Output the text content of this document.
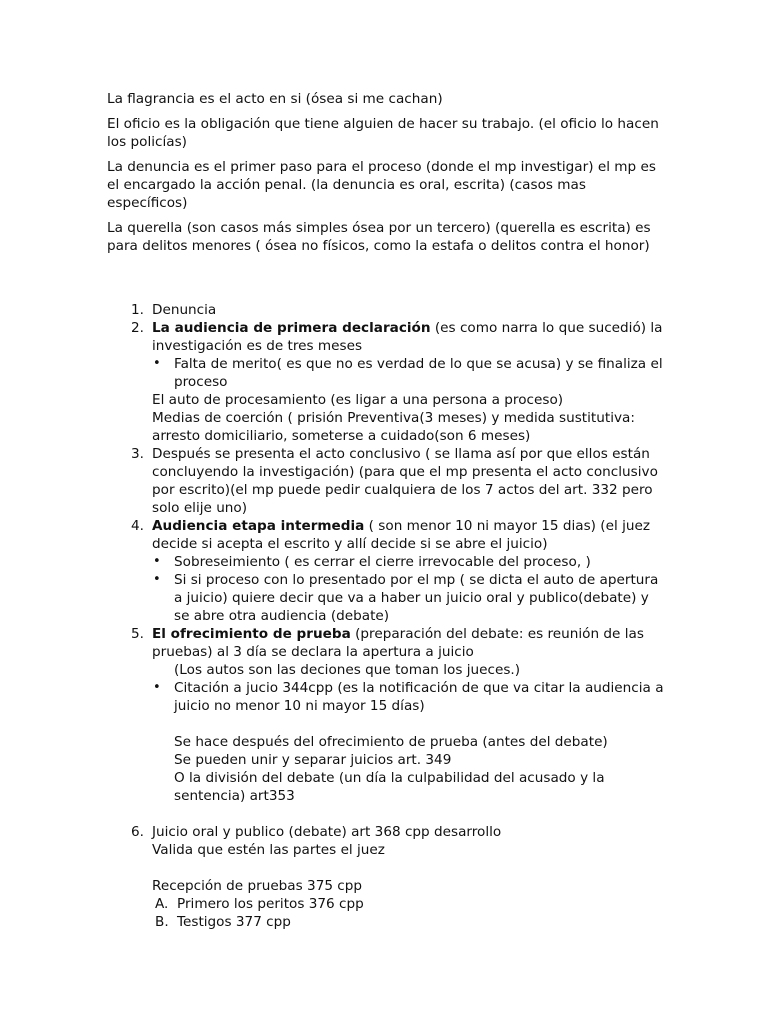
La flagrancia es el acto en si (ósea si me cachan)

El oficio es la obligación que tiene alguien de hacer su trabajo. (el oficio lo hacen los policías)

La denuncia es el primer paso para el proceso (donde el mp investigar) el mp es el encargado la acción penal. (la denuncia es oral, escrita) (casos mas específicos)

La querella (son casos más simples ósea por un tercero) (querella es escrita) es para delitos menores ( ósea no físicos, como la estafa o delitos contra el honor)

1. Denuncia
2. La audiencia de primera declaración (es como narra lo que sucedió) la investigación es de tres meses
• Falta de merito( es que no es verdad de lo que se acusa) y se finaliza el proceso
El auto de procesamiento (es ligar a una persona a proceso)
Medias de coerción ( prisión Preventiva(3 meses) y medida sustitutiva: arresto domiciliario, someterse a cuidado(son 6 meses)
3. Después se presenta el acto conclusivo ( se llama así por que ellos están concluyendo la investigación) (para que el mp presenta el acto conclusivo por escrito)(el mp puede pedir cualquiera de los 7 actos del art. 332 pero solo elije uno)
4. Audiencia etapa intermedia ( son menor 10 ni mayor 15 dias) (el juez decide si acepta el escrito y allí decide si se abre el juicio)
• Sobreseimiento ( es cerrar el cierre irrevocable del proceso, )
• Si si proceso con lo presentado por el mp ( se dicta el auto de apertura a juicio) quiere decir que va a haber un juicio oral y publico(debate) y se abre otra audiencia (debate)
5. El ofrecimiento de prueba (preparación del debate: es reunión de las pruebas) al 3 día se declara la apertura a juicio
(Los autos son las deciones que toman los jueces.)
• Citación a jucio 344cpp (es la notificación de que va citar la audiencia a juicio no menor 10 ni mayor 15 días)
Se hace después del ofrecimiento de prueba (antes del debate)
Se pueden unir y separar juicios art. 349
O la división del debate (un día la culpabilidad del acusado y la sentencia) art353
6. Juicio oral y publico (debate) art 368 cpp desarrollo
Valida que estén las partes el juez
Recepción de pruebas 375 cpp
A. Primero los peritos 376 cpp
B. Testigos 377 cpp
